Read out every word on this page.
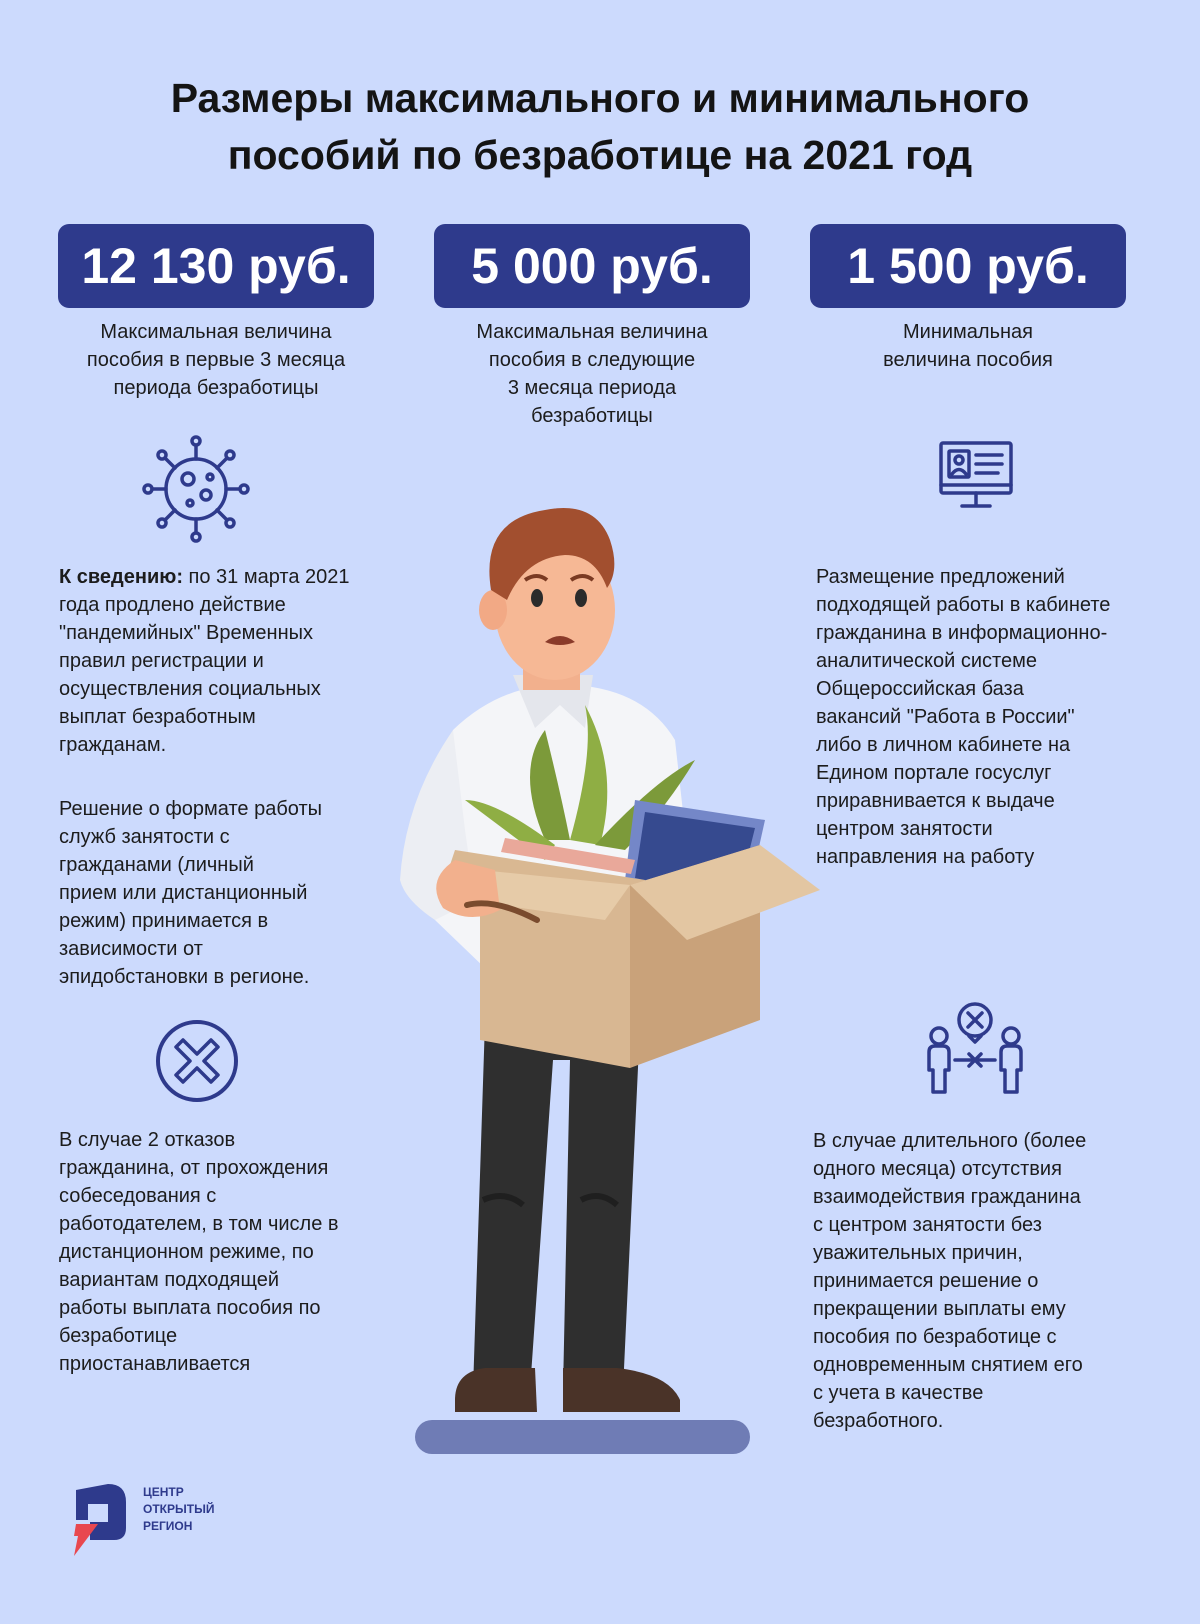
Размеры максимального и минимального
пособий по безработице на 2021 год
12 130 руб.	5 000 руб.	1 500 руб.
Максимальная величина
пособия в первые 3 месяца
периода безработицы
Максимальная величина
пособия в следующие
3 месяца периода
безработицы
Минимальная
величина пособия
К сведению: по 31 марта 2021
года продлено действие
"пандемийных" Временных
правил регистрации и
осуществления социальных
выплат безработным
гражданам.
Решение о формате работы
служб занятости с
гражданами (личный
прием или дистанционный
режим) принимается в
зависимости от
эпидобстановки в регионе.
В случае 2 отказов
гражданина, от прохождения
собеседования с
работодателем, в том числе в
дистанционном режиме, по
вариантам подходящей
работы выплата пособия по
безработице
приостанавливается
Размещение предложений
подходящей работы в кабинете
гражданина в информационно-
аналитической системе
Общероссийская база
вакансий "Работа в России"
либо в личном кабинете на
Едином портале госуслуг
приравнивается к выдаче
центром занятости
направления на работу
В случае длительного (более
одного месяца) отсутствия
взаимодействия гражданина
с центром занятости без
уважительных причин,
принимается решение о
прекращении выплаты ему
пособия по безработице с
одновременным снятием его
с учета в качестве
безработного.
ЦЕНТР
ОТКРЫТЫЙ
РЕГИОН
